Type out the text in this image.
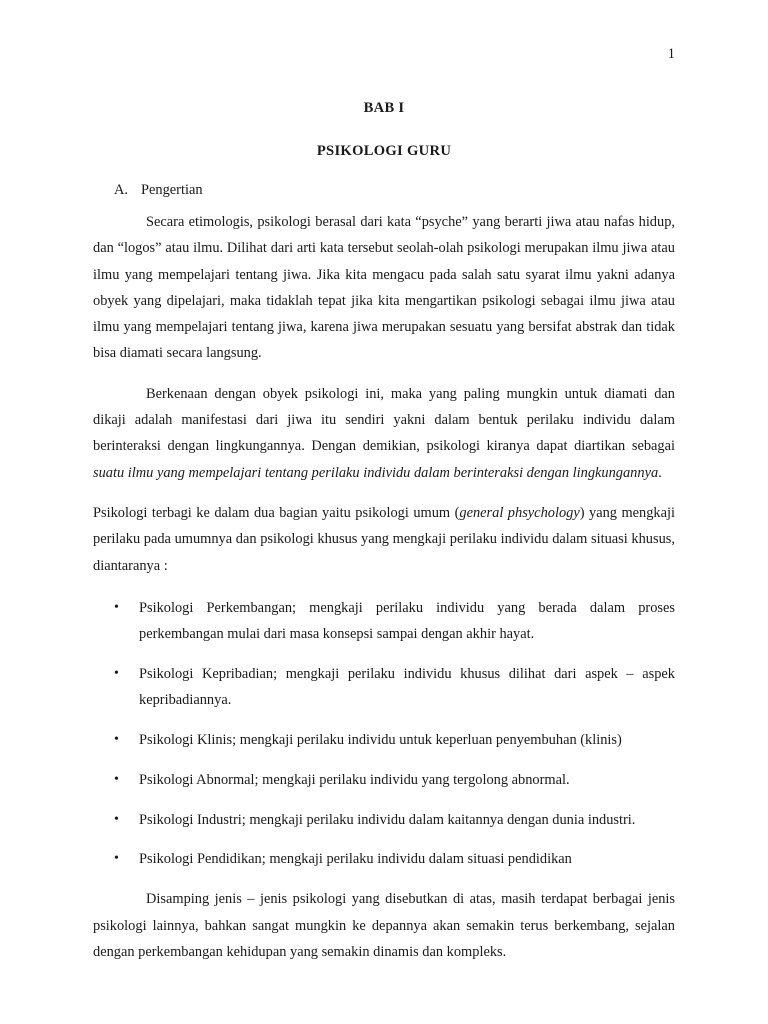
1
BAB I
PSIKOLOGI GURU
A. Pengertian

Secara etimologis, psikologi berasal dari kata “psyche” yang berarti jiwa atau nafas hidup, dan “logos” atau ilmu. Dilihat dari arti kata tersebut seolah-olah psikologi merupakan ilmu jiwa atau ilmu yang mempelajari tentang jiwa. Jika kita mengacu pada salah satu syarat ilmu yakni adanya obyek yang dipelajari, maka tidaklah tepat jika kita mengartikan psikologi sebagai ilmu jiwa atau ilmu yang mempelajari tentang jiwa, karena jiwa merupakan sesuatu yang bersifat abstrak dan tidak bisa diamati secara langsung.

Berkenaan dengan obyek psikologi ini, maka yang paling mungkin untuk diamati dan dikaji adalah manifestasi dari jiwa itu sendiri yakni dalam bentuk perilaku individu dalam berinteraksi dengan lingkungannya. Dengan demikian, psikologi kiranya dapat diartikan sebagai suatu ilmu yang mempelajari tentang perilaku individu dalam berinteraksi dengan lingkungannya.

Psikologi terbagi ke dalam dua bagian yaitu psikologi umum (general phsychology) yang mengkaji perilaku pada umumnya dan psikologi khusus yang mengkaji perilaku individu dalam situasi khusus, diantaranya :

• Psikologi Perkembangan; mengkaji perilaku individu yang berada dalam proses perkembangan mulai dari masa konsepsi sampai dengan akhir hayat.
• Psikologi Kepribadian; mengkaji perilaku individu khusus dilihat dari aspek – aspek kepribadiannya.
• Psikologi Klinis; mengkaji perilaku individu untuk keperluan penyembuhan (klinis)
• Psikologi Abnormal; mengkaji perilaku individu yang tergolong abnormal.
• Psikologi Industri; mengkaji perilaku individu dalam kaitannya dengan dunia industri.
• Psikologi Pendidikan; mengkaji perilaku individu dalam situasi pendidikan

Disamping jenis – jenis psikologi yang disebutkan di atas, masih terdapat berbagai jenis psikologi lainnya, bahkan sangat mungkin ke depannya akan semakin terus berkembang, sejalan dengan perkembangan kehidupan yang semakin dinamis dan kompleks.
